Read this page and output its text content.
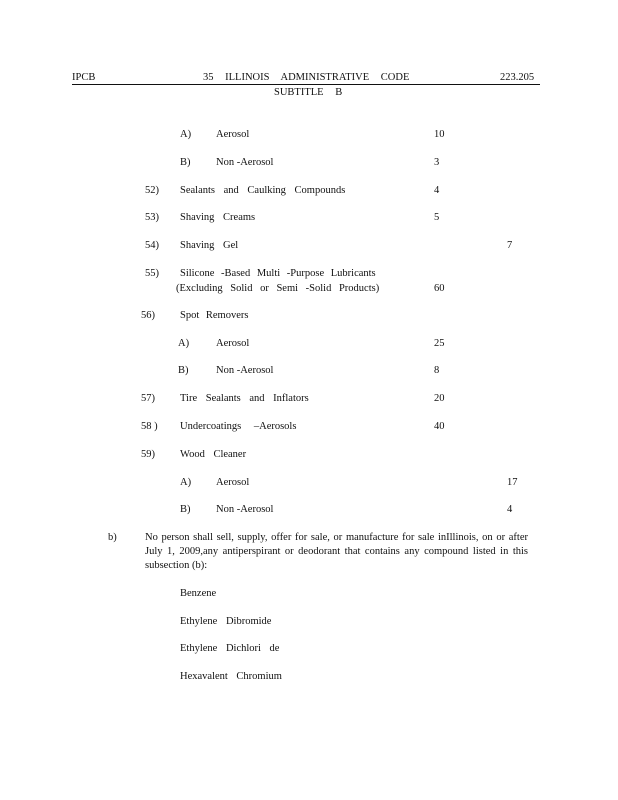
IPCB	35 ILLINOIS ADMINISTRATIVE CODE	223.205
SUBTITLE B
A) Aerosol	10
B) Non -Aerosol	3
52) Sealants and Caulking Compounds	4
53) Shaving Creams	5
54) Shaving Gel	7
55) Silicone -Based Multi -Purpose Lubricants
(Excluding Solid or Semi -Solid Products)	60
56) Spot Removers
A)	Aerosol	25
B)	Non -Aerosol	8
57) Tire Sealants and Inflators	20
58 ) Undercoatings –Aerosols	40
59) Wood Cleaner
A) Aerosol	17
B) Non -Aerosol	4
b)	No person shall sell, supply, offer for sale, or manufacture for sale inIllinois, on or after July 1, 2009,any antiperspirant or deodorant that contains any compound listed in this subsection (b):
Benzene
Ethylene Dibromide
Ethylene Dichlori de
Hexavalent Chromium
